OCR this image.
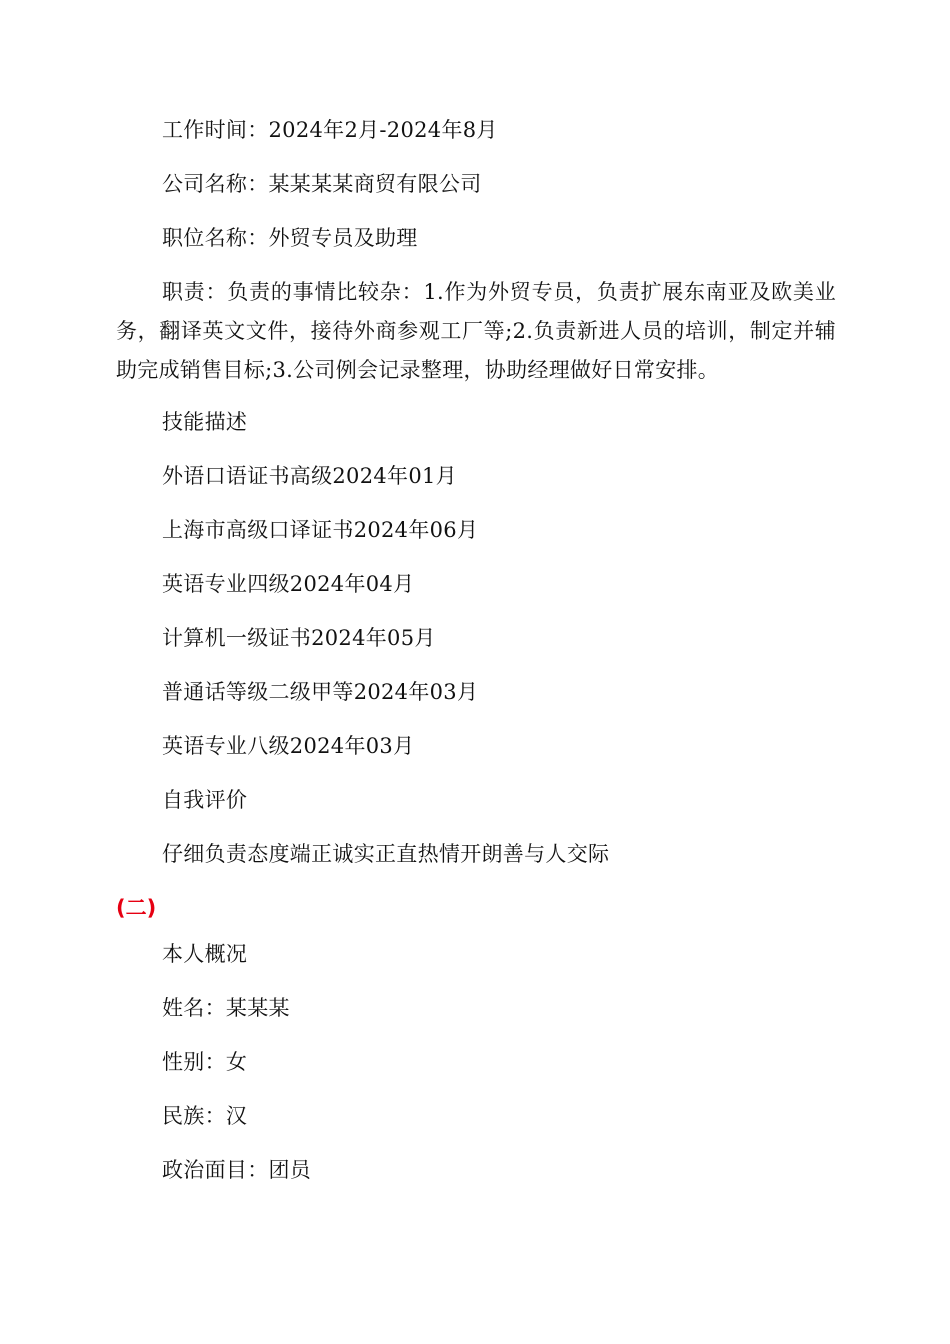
工作时间：2024年2月-2024年8月
公司名称：某某某某商贸有限公司
职位名称：外贸专员及助理
职责：负责的事情比较杂：1.作为外贸专员，负责扩展东南亚及欧美业务，翻译英文文件，接待外商参观工厂等;2.负责新进人员的培训，制定并辅助完成销售目标;3.公司例会记录整理，协助经理做好日常安排。
技能描述
外语口语证书高级2024年01月
上海市高级口译证书2024年06月
英语专业四级2024年04月
计算机一级证书2024年05月
普通话等级二级甲等2024年03月
英语专业八级2024年03月
自我评价
仔细负责态度端正诚实正直热情开朗善与人交际
(二)
本人概况
姓名：某某某
性别：女
民族：汉
政治面目：团员
